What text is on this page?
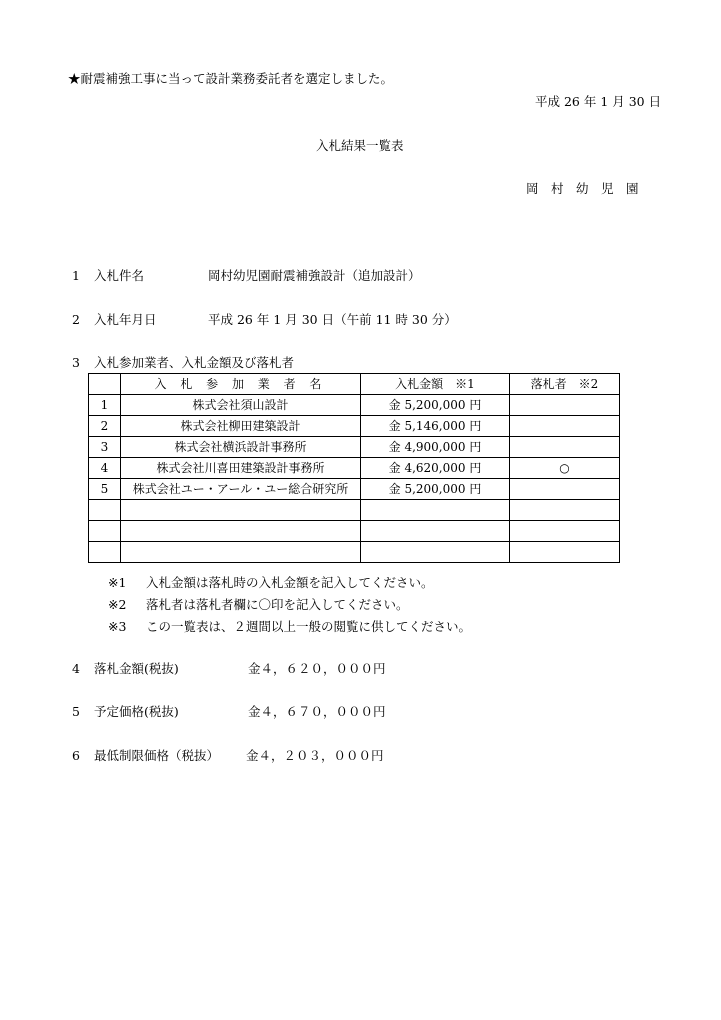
★耐震補強工事に当って設計業務委託者を選定しました。
平成 26 年 1 月 30 日
入札結果一覧表
岡　村　幼　児　園
1 入札件名	岡村幼児園耐震補強設計（追加設計）
2 入札年月日	平成 26 年 1 月 30 日（午前 11 時 30 分）
3 入札参加業者、入札金額及び落札者
	入 札 参 加 業 者 名	入札金額　※1	落札者　※2
1	株式会社須山設計	金 5,200,000 円	
2	株式会社柳田建築設計	金 5,146,000 円	
3	株式会社横浜設計事務所	金 4,900,000 円	
4	株式会社川喜田建築設計事務所	金 4,620,000 円	○
5	株式会社ユー・アール・ユー総合研究所	金 5,200,000 円	

※1 入札金額は落札時の入札金額を記入してください。
※2 落札者は落札者欄に〇印を記入してください。
※3 この一覧表は、２週間以上一般の閲覧に供してください。
4 落札金額(税抜)	金４，６２０，０００円
5 予定価格(税抜)	金４，６７０，０００円
6 最低制限価格（税抜） 金４，２０３，０００円
